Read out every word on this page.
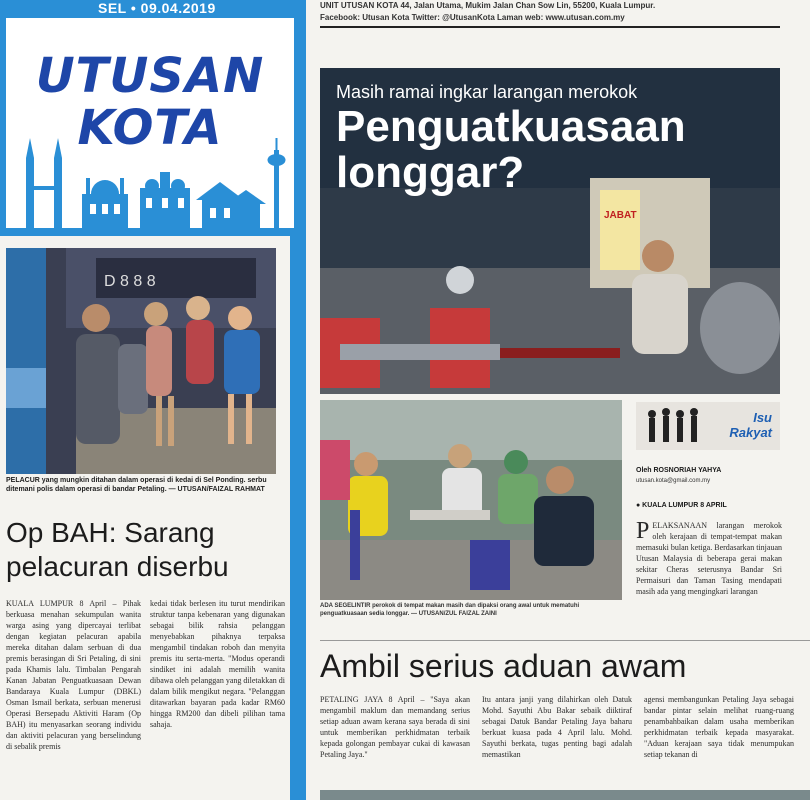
SEL • 09.04.2019
UTUSAN
KOTA
D 8 8 8
PELACUR yang mungkin ditahan dalam operasi di kedai di Sel Ponding. serbu ditemani polis dalam operasi di bandar Petaling. — UTUSAN/FAIZAL RAHMAT
Op BAH: Sarang pelacuran diserbu
KUALA LUMPUR 8 April – Pihak berkuasa menahan sekumpulan wanita warga asing yang dipercayai terlibat dengan kegiatan pelacuran apabila mereka ditahan dalam serbuan di dua premis berasingan di Sri Petaling, di sini pada Khamis lalu. Timbalan Pengarah Kanan Jabatan Penguatkuasaan Dewan Bandaraya Kuala Lumpur (DBKL) Osman Ismail berkata, serbuan menerusi Operasi Bersepadu Aktiviti Haram (Op BAH) itu menyasarkan seorang individu dan aktiviti pelacuran yang berselindung di sebalik premis
kedai tidak berlesen itu turut mendirikan struktur tanpa kebenaran yang digunakan sebagai bilik rahsia pelanggan menyebabkan pihaknya terpaksa mengambil tindakan roboh dan menyita premis itu serta-merta. "Modus operandi sindiket ini adalah memilih wanita dibawa oleh pelanggan yang diletakkan di dalam bilik mengikut negara. "Pelanggan ditawarkan bayaran pada kadar RM60 hingga RM200 dan dibeli pilihan tama sahaja.
UNIT UTUSAN KOTA 44, Jalan Utama, Mukim Jalan Chan Sow Lin, 55200, Kuala Lumpur.
Facebook: Utusan Kota Twitter: @UtusanKota Laman web: www.utusan.com.my
JABAT
Masih ramai ingkar larangan merokok
Penguatkuasaan
longgar?
ADA SEGELINTIR perokok di tempat makan masih dan dipaksi orang awal untuk mematuhi penguatkuasaan sedia longgar. — UTUSAN/ZUL FAIZAL ZAINI
Isu
Rakyat
Oleh ROSNORIAH YAHYA
utusan.kota@gmail.com.my
● KUALA LUMPUR 8 APRIL
P ELAKSANAAN larangan merokok oleh kerajaan di tempat-tempat makan memasuki bulan ketiga. Berdasarkan tinjauan Utusan Malaysia di beberapa gerai makan sekitar Cheras seterusnya Bandar Sri Permaisuri dan Taman Tasing mendapati masih ada yang mengingkari larangan
Ambil serius aduan awam
PETALING JAYA 8 April – "Saya akan mengambil maklum dan memandang serius setiap aduan awam kerana saya berada di sini untuk memberikan perkhidmatan terbaik kepada golongan pembayar cukai di kawasan Petaling Jaya."
Itu antara janji yang dilahirkan oleh Datuk Mohd. Sayuthi Abu Bakar sebaik diiktiraf sebagai Datuk Bandar Petaling Jaya baharu berkuat kuasa pada 4 April lalu. Mohd. Sayuthi berkata, tugas penting bagi adalah memastikan
agensi membangunkan Petaling Jaya sebagai bandar pintar selain melihat ruang-ruang penambahbaikan dalam usaha memberikan perkhidmatan terbaik kepada masyarakat. "Aduan kerajaan saya tidak menumpukan setiap tekanan di
